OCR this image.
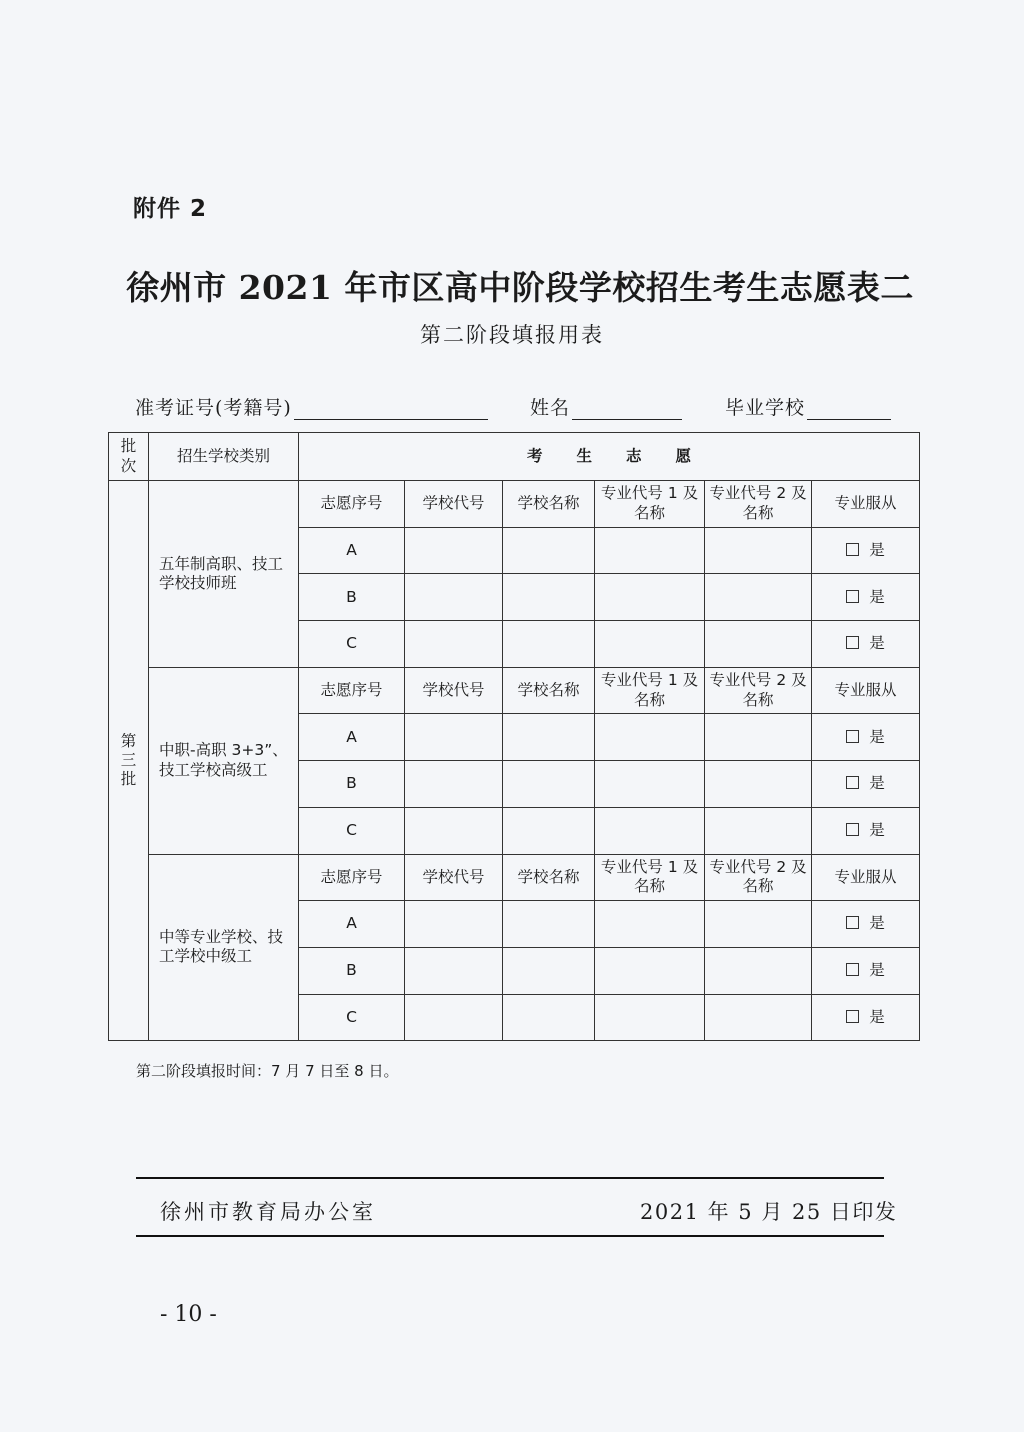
附件 2
徐州市 2021 年市区高中阶段学校招生考生志愿表二
第二阶段填报用表
准考证号(考籍号)	姓名	毕业学校
批次	招生学校类别	考生志愿					
第三批	五年制高职、技工学校技师班	志愿序号	学校代号	学校名称	专业代号 1 及名称	专业代号 2 及名称	专业服从
		A					是
		B					是
		C					是
	中职-高职 3+3”、技工学校高级工	志愿序号	学校代号	学校名称	专业代号 1 及名称	专业代号 2 及名称	专业服从
		A					是
		B					是
		C					是
	中等专业学校、技工学校中级工	志愿序号	学校代号	学校名称	专业代号 1 及名称	专业代号 2 及名称	专业服从
		A					是
		B					是
		C					是
第二阶段填报时间：7 月 7 日至 8 日。
徐州市教育局办公室	2021 年 5 月 25 日印发
- 10 -
